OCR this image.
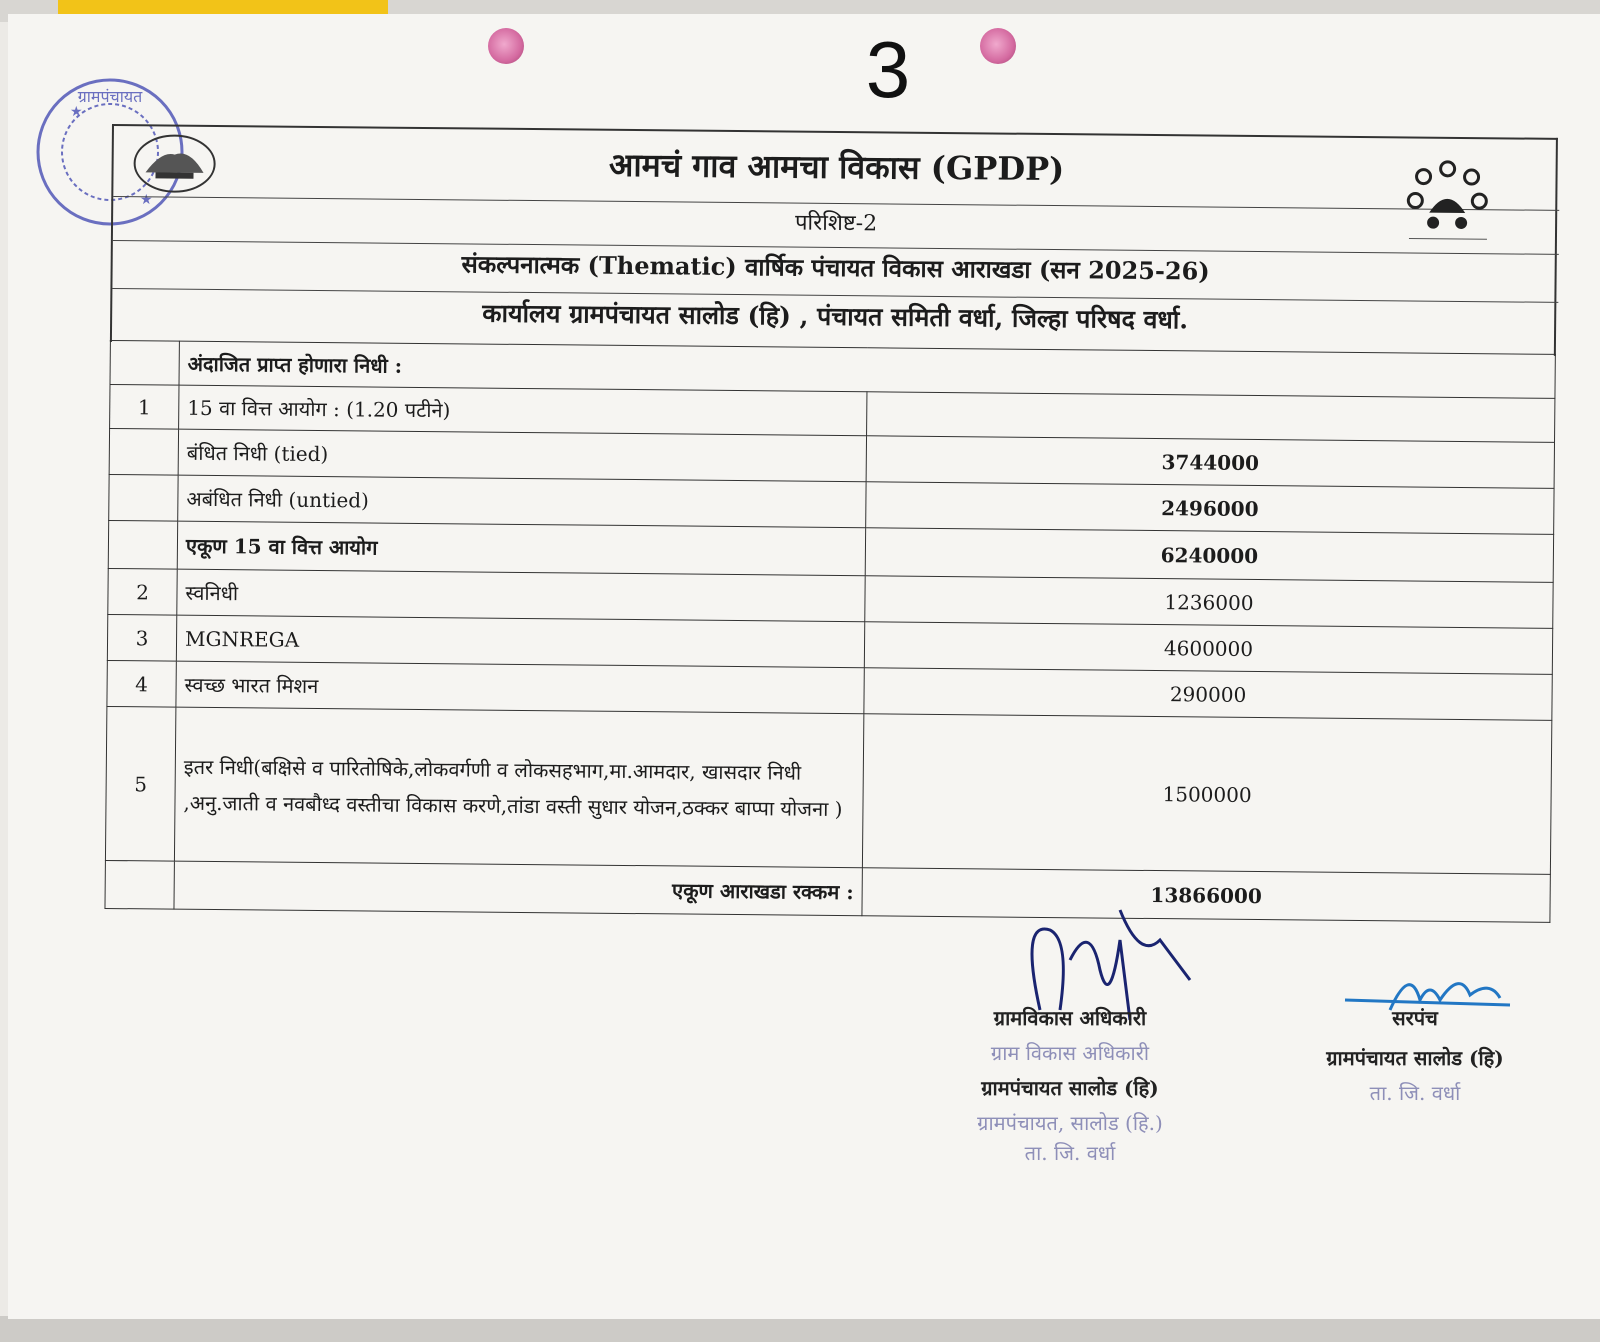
3
ग्रामपंचायत
★
★
आमचं गाव आमचा विकास (GPDP)
परिशिष्ट-2
संकल्पनात्मक (Thematic) वार्षिक पंचायत विकास आराखडा (सन 2025-26)
कार्यालय ग्रामपंचायत सालोड (हि) , पंचायत समिती वर्धा, जिल्हा परिषद वर्धा.
	अंदाजित प्राप्त होणारा निधी :	
1	15 वा वित्त आयोग : (1.20 पटीने)	
	बंधित निधी (tied)	3744000
	अबंधित निधी (untied)	2496000
	एकूण 15 वा वित्त आयोग	6240000
2	स्वनिधी	1236000
3	MGNREGA	4600000
4	स्वच्छ भारत मिशन	290000
5	इतर निधी(बक्षिसे व पारितोषिके,लोकवर्गणी व लोकसहभाग,मा.आमदार, खासदार निधी ,अनु.जाती व नवबौध्द वस्तीचा विकास करणे,तांडा वस्ती सुधार योजन,ठक्कर बाप्पा योजना )	1500000
	एकूण आराखडा रक्कम :	13866000
ग्रामविकास अधिकारी
ग्राम विकास अधिकारी
ग्रामपंचायत सालोड (हि)
ग्रामपंचायत, सालोड (हि.)
ता. जि. वर्धा
सरपंच
ग्रामपंचायत सालोड (हि)
ता. जि. वर्धा
